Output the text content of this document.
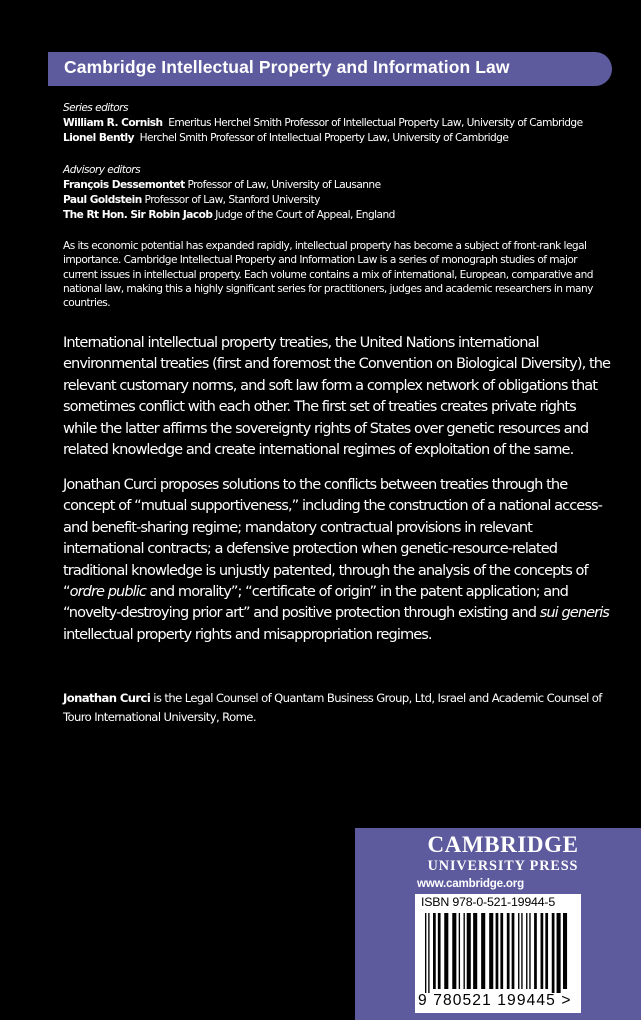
Cambridge Intellectual Property and Information Law
Series editors
William R. Cornish Emeritus Herchel Smith Professor of Intellectual Property Law, University of Cambridge
Lionel Bently Herchel Smith Professor of Intellectual Property Law, University of Cambridge
Advisory editors
François Dessemontet Professor of Law, University of Lausanne
Paul Goldstein Professor of Law, Stanford University
The Rt Hon. Sir Robin Jacob Judge of the Court of Appeal, England
As its economic potential has expanded rapidly, intellectual property has become a subject of front-rank legal importance. Cambridge Intellectual Property and Information Law is a series of monograph studies of major current issues in intellectual property. Each volume contains a mix of international, European, comparative and national law, making this a highly significant series for practitioners, judges and academic researchers in many countries.
International intellectual property treaties, the United Nations international environmental treaties (first and foremost the Convention on Biological Diversity), the relevant customary norms, and soft law form a complex network of obligations that sometimes conflict with each other. The first set of treaties creates private rights while the latter affirms the sovereignty rights of States over genetic resources and related knowledge and create international regimes of exploitation of the same.
Jonathan Curci proposes solutions to the conflicts between treaties through the concept of “mutual supportiveness,” including the construction of a national access- and benefit-sharing regime; mandatory contractual provisions in relevant international contracts; a defensive protection when genetic-resource-related traditional knowledge is unjustly patented, through the analysis of the concepts of “ordre public and morality”; “certificate of origin” in the patent application; and “novelty-destroying prior art” and positive protection through existing and sui generis intellectual property rights and misappropriation regimes.
Jonathan Curci is the Legal Counsel of Quantam Business Group, Ltd, Israel and Academic Counsel of Touro International University, Rome.
CAMBRIDGE
UNIVERSITY PRESS
www.cambridge.org
ISBN 978-0-521-19944-5
9 780521 199445 >
